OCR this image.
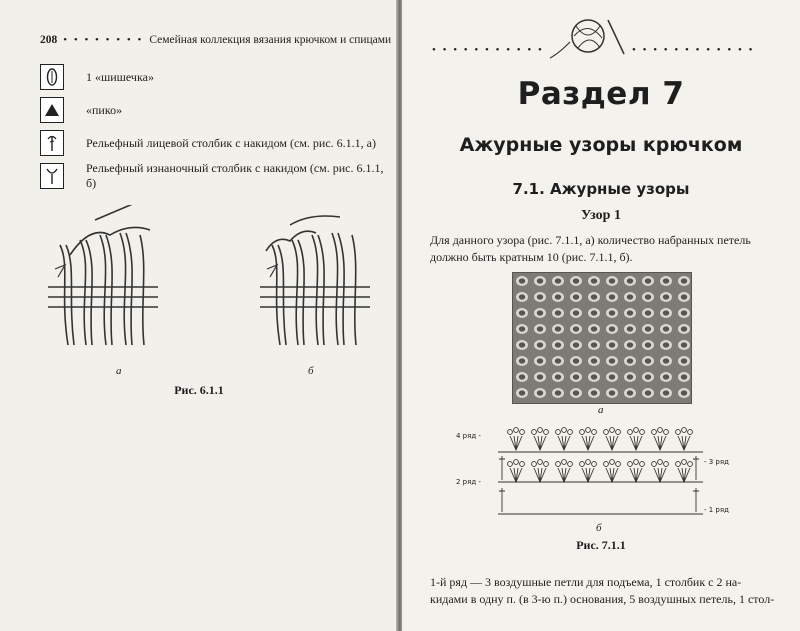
208 • • • • • • • • Семейная коллекция вязания крючком и спицами
1 «шишечка»
«пико»
Рельефный лицевой столбик с накидом (см. рис. 6.1.1, а)
Рельефный изнаночный столбик с накидом (см. рис. 6.1.1, б)
а	б
Рис. 6.1.1
• • • • • • • • • • •	• • • • • • • • • • • •
Раздел 7
Ажурные узоры крючком
7.1. Ажурные узоры
Узор 1
Для данного узора (рис. 7.1.1, а) количество набранных петель
должно быть кратным 10 (рис. 7.1.1, б).
а
4 ряд -
- 3 ряд
2 ряд -
- 1 ряд
б
Рис. 7.1.1
1-й ряд — 3 воздушные петли для подъема, 1 столбик с 2 на-
кидами в одну п. (в 3-ю п.) основания, 5 воздушных петель, 1 стол-
